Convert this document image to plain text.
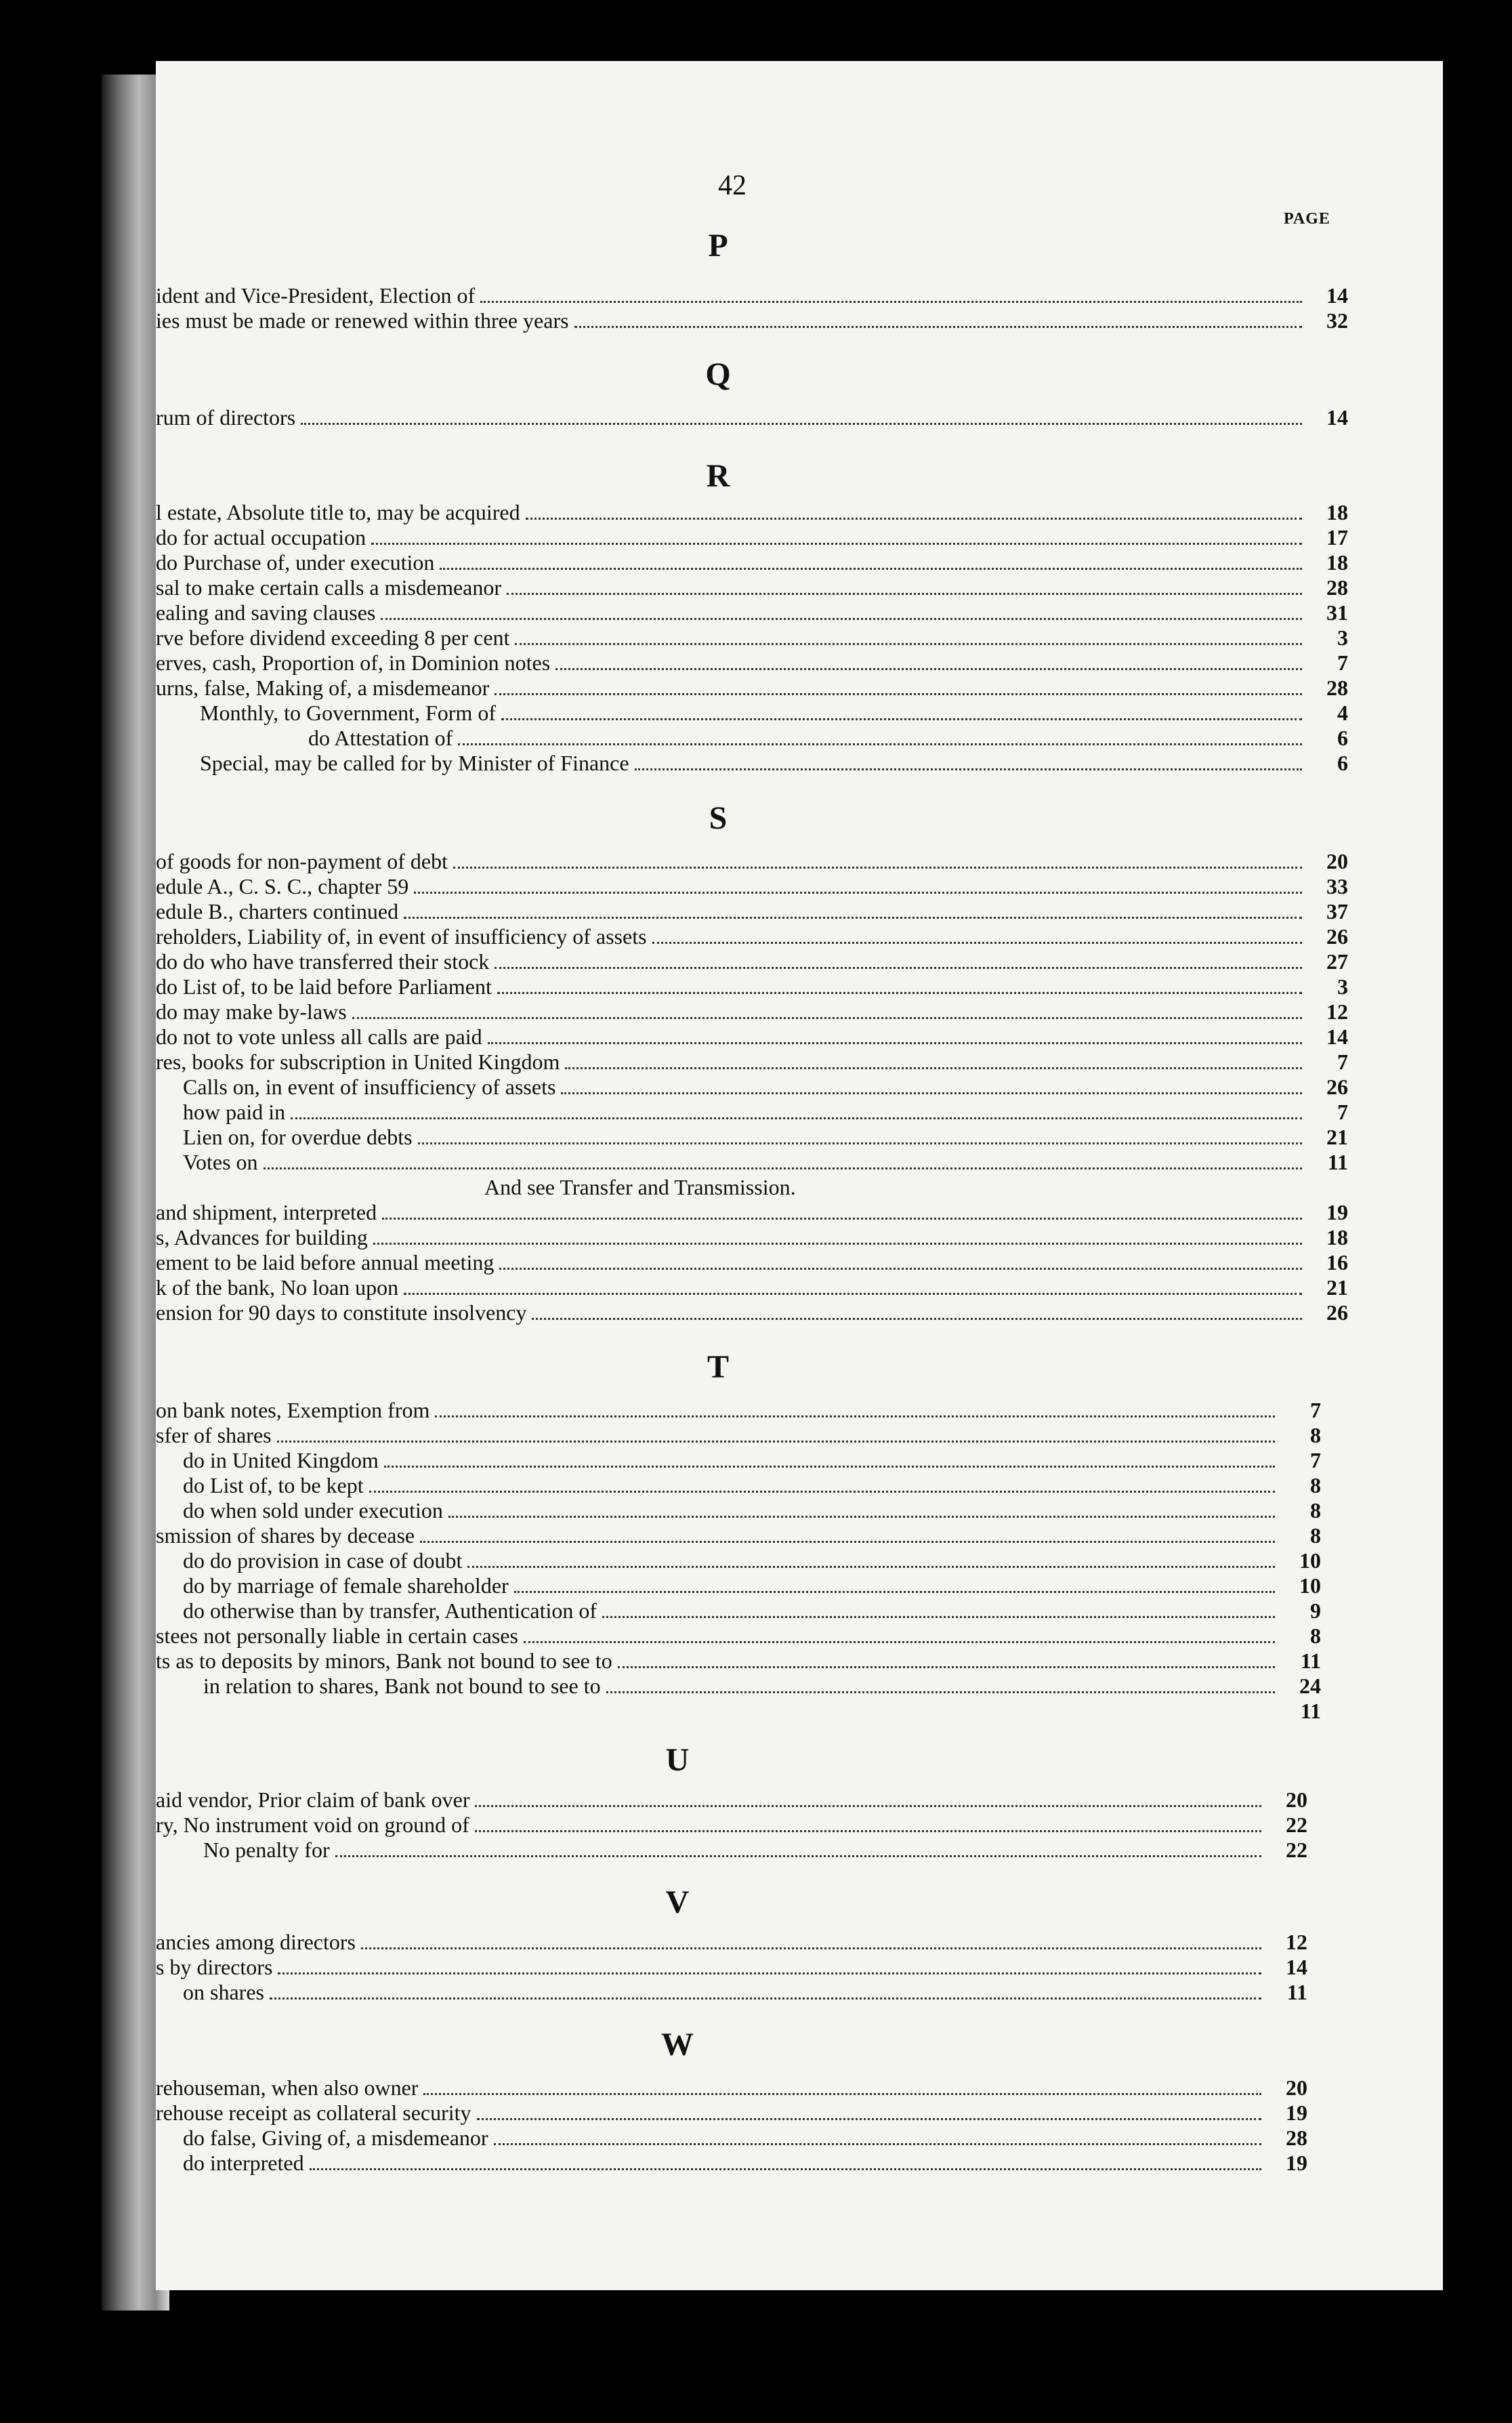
42
PAGE
P
ident and Vice-President, Election of	14
ies must be made or renewed within three years	32
Q
rum of directors	14
R
l estate, Absolute title to, may be acquired	18
do for actual occupation	17
do Purchase of, under execution	18
sal to make certain calls a misdemeanor	28
ealing and saving clauses	31
rve before dividend exceeding 8 per cent	3
erves, cash, Proportion of, in Dominion notes	7
urns, false, Making of, a misdemeanor	28
Monthly, to Government, Form of	4
do Attestation of	6
Special, may be called for by Minister of Finance	6
S
of goods for non-payment of debt	20
edule A., C. S. C., chapter 59	33
edule B., charters continued	37
reholders, Liability of, in event of insufficiency of assets	26
do do who have transferred their stock	27
do List of, to be laid before Parliament	3
do may make by-laws	12
do not to vote unless all calls are paid	14
res, books for subscription in United Kingdom	7
Calls on, in event of insufficiency of assets	26
how paid in	7
Lien on, for overdue debts	21
Votes on	11
And see Transfer and Transmission.
and shipment, interpreted	19
s, Advances for building	18
ement to be laid before annual meeting	16
k of the bank, No loan upon	21
ension for 90 days to constitute insolvency	26
T
on bank notes, Exemption from	7
sfer of shares	8
do in United Kingdom	7
do List of, to be kept	8
do when sold under execution	8
smission of shares by decease	8
do do provision in case of doubt	10
do by marriage of female shareholder	10
do otherwise than by transfer, Authentication of	9
stees not personally liable in certain cases	8
ts as to deposits by minors, Bank not bound to see to	11
in relation to shares, Bank not bound to see to	24
11
U
aid vendor, Prior claim of bank over	20
ry, No instrument void on ground of	22
No penalty for	22
V
ancies among directors	12
s by directors	14
on shares	11
W
rehouseman, when also owner	20
rehouse receipt as collateral security	19
do false, Giving of, a misdemeanor	28
do interpreted	19
